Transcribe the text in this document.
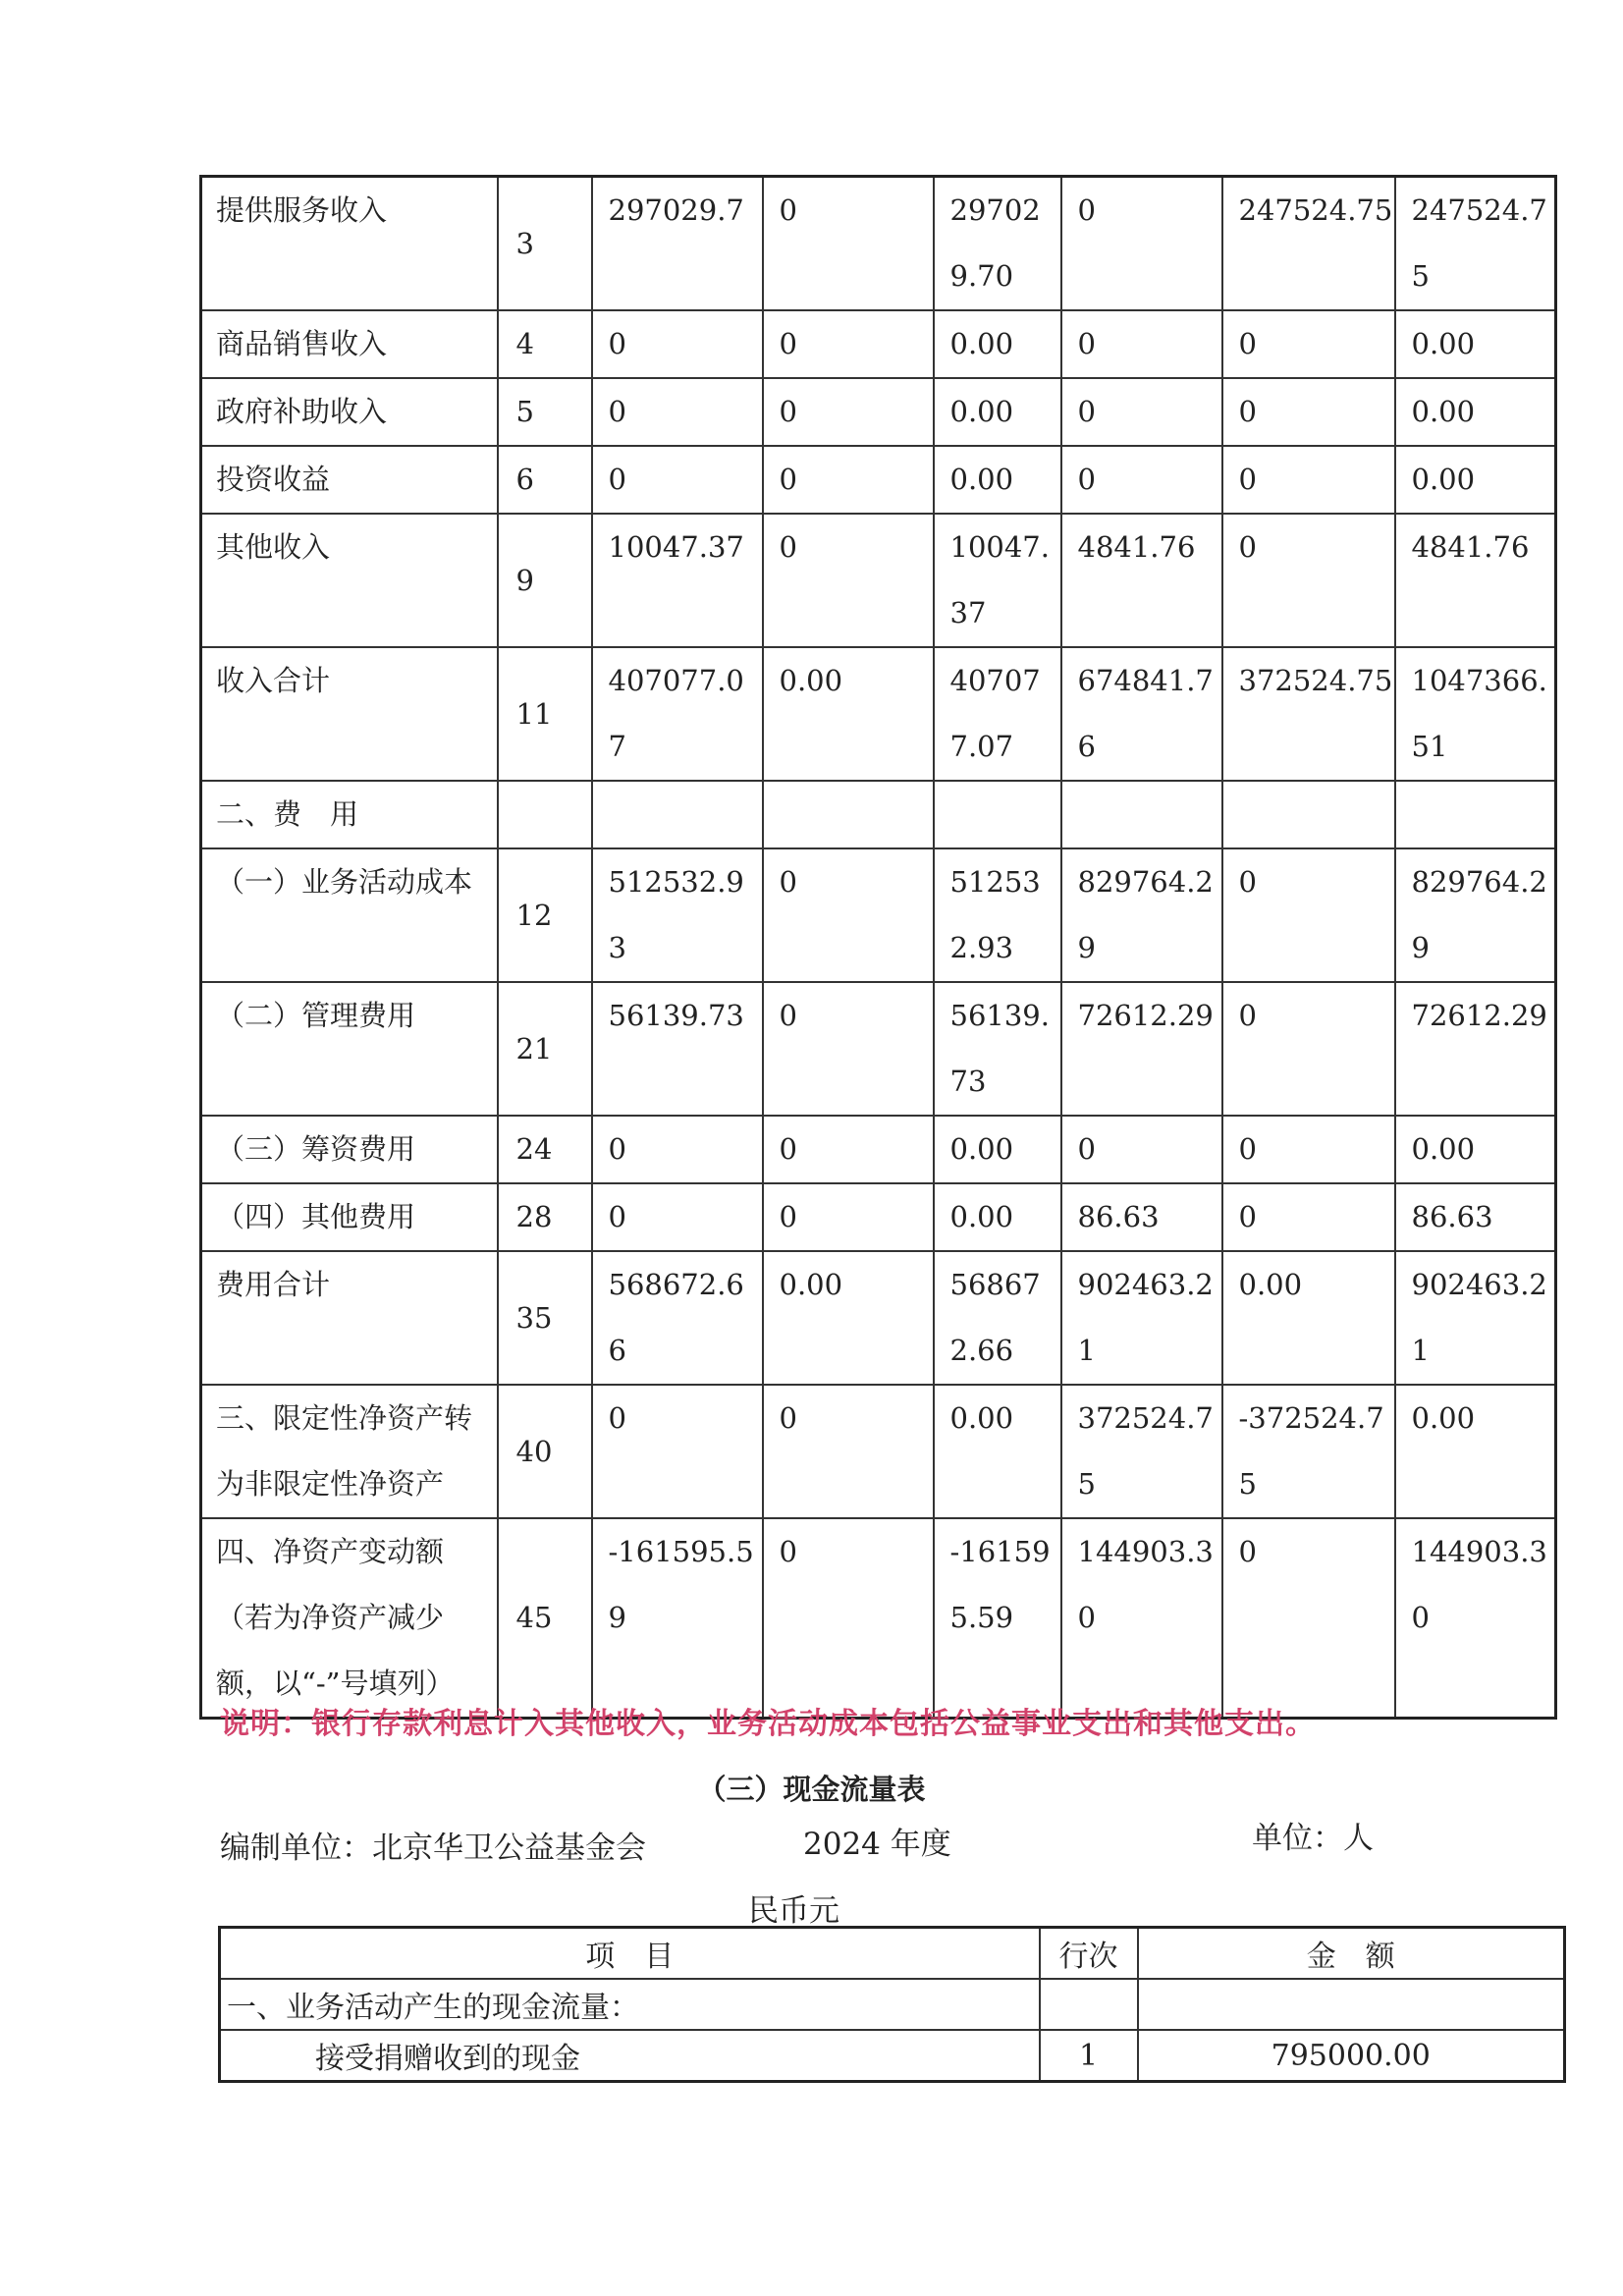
提供服务收入	3	297029.7	0	297029.70	0	247524.75	247524.75

商品销售收入	4	0	0	0.00	0	0	0.00

政府补助收入	5	0	0	0.00	0	0	0.00

投资收益	6	0	0	0.00	0	0	0.00

其他收入	9	10047.37	0	10047.37	4841.76	0	4841.76

收入合计	11	407077.07	0.00	407077.07	674841.76	372524.75	1047366.51

二、费　用		

（一）业务活动成本	12	512532.93	0	512532.93	829764.29	0	829764.29

（二）管理费用	21	56139.73	0	56139.73	72612.29	0	72612.29

（三）筹资费用	24	0	0	0.00	0	0	0.00

（四）其他费用	28	0	0	0.00	86.63	0	86.63

费用合计	35	568672.66	0.00	568672.66	902463.21	0.00	902463.21

三、限定性净资产转为非限定性净资产	40	0	0	0.00	372524.75	-372524.75	0.00

四、净资产变动额（若为净资产减少额，以“-”号填列）	45	-161595.59	0	-161595.59	144903.30	0	144903.30
说明：银行存款利息计入其他收入，业务活动成本包括公益事业支出和其他支出。
（三）现金流量表
编制单位：北京华卫公益基金会	2024 年度	单位：人
民币元
项　目	行次	金　额
一、业务活动产生的现金流量：		
接受捐赠收到的现金	1	795000.00
